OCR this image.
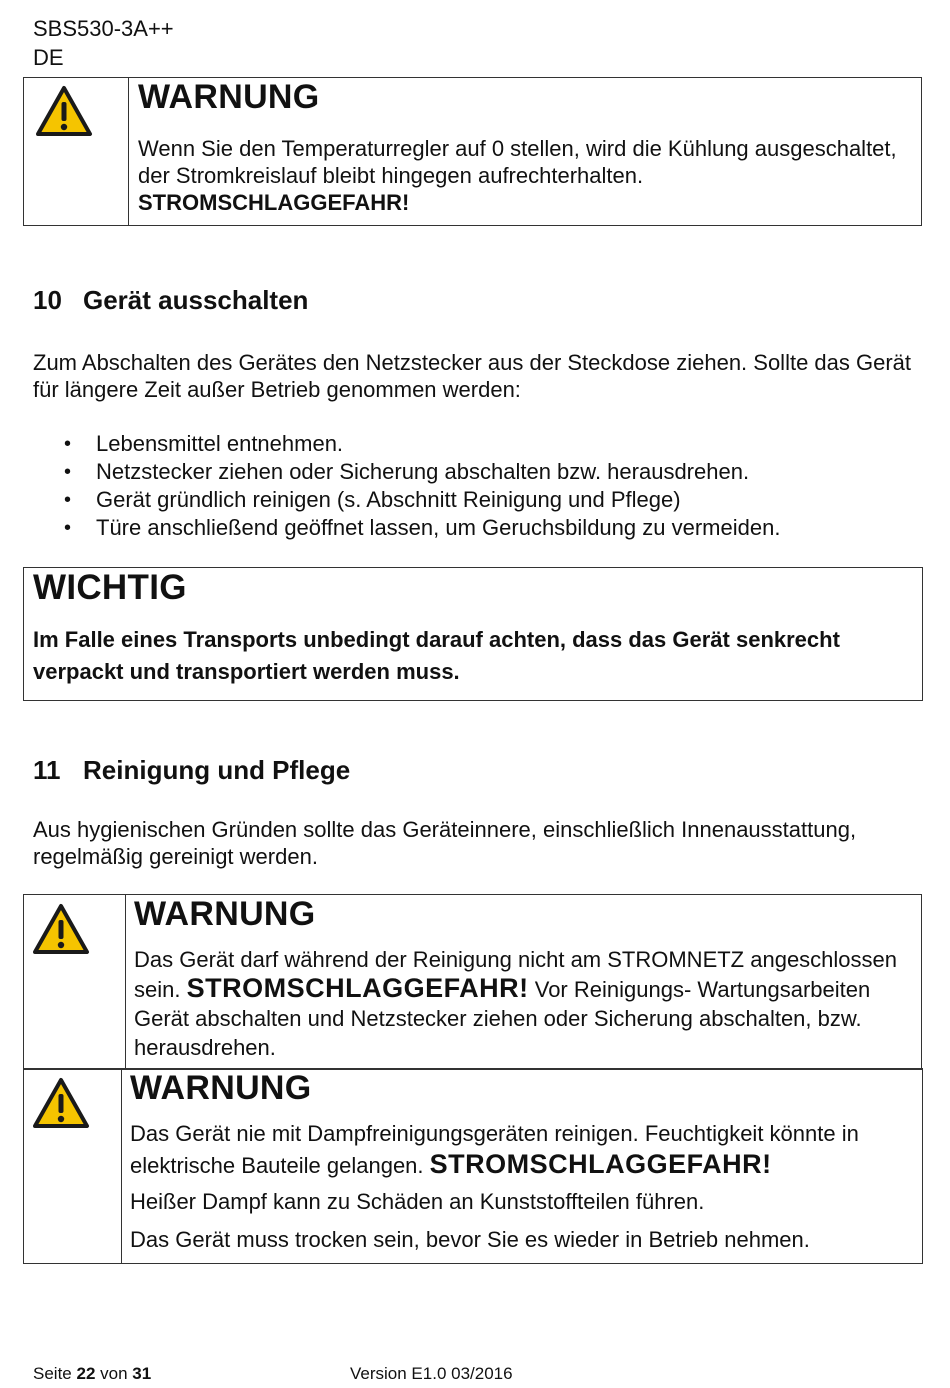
SBS530-3A++
DE
WARNUNG
Wenn Sie den Temperaturregler auf 0 stellen, wird die Kühlung ausgeschaltet, der Stromkreislauf bleibt hingegen aufrechterhalten.
STROMSCHLAGGEFAHR!
10 Gerät ausschalten
Zum Abschalten des Gerätes den Netzstecker aus der Steckdose ziehen. Sollte das Gerät für längere Zeit außer Betrieb genommen werden:
• Lebensmittel entnehmen.
• Netzstecker ziehen oder Sicherung abschalten bzw. herausdrehen.
• Gerät gründlich reinigen (s. Abschnitt Reinigung und Pflege)
• Türe anschließend geöffnet lassen, um Geruchsbildung zu vermeiden.
WICHTIG
Im Falle eines Transports unbedingt darauf achten, dass das Gerät senkrecht verpackt und transportiert werden muss.
11 Reinigung und Pflege
Aus hygienischen Gründen sollte das Geräteinnere, einschließlich Innenausstattung, regelmäßig gereinigt werden.
WARNUNG
Das Gerät darf während der Reinigung nicht am STROMNETZ angeschlossen sein. STROMSCHLAGGEFAHR! Vor Reinigungs- Wartungsarbeiten Gerät abschalten und Netzstecker ziehen oder Sicherung abschalten, bzw. herausdrehen.
WARNUNG
Das Gerät nie mit Dampfreinigungsgeräten reinigen. Feuchtigkeit könnte in elektrische Bauteile gelangen. STROMSCHLAGGEFAHR!
Heißer Dampf kann zu Schäden an Kunststoffteilen führen.
Das Gerät muss trocken sein, bevor Sie es wieder in Betrieb nehmen.
Seite 22 von 31	Version E1.0 03/2016
